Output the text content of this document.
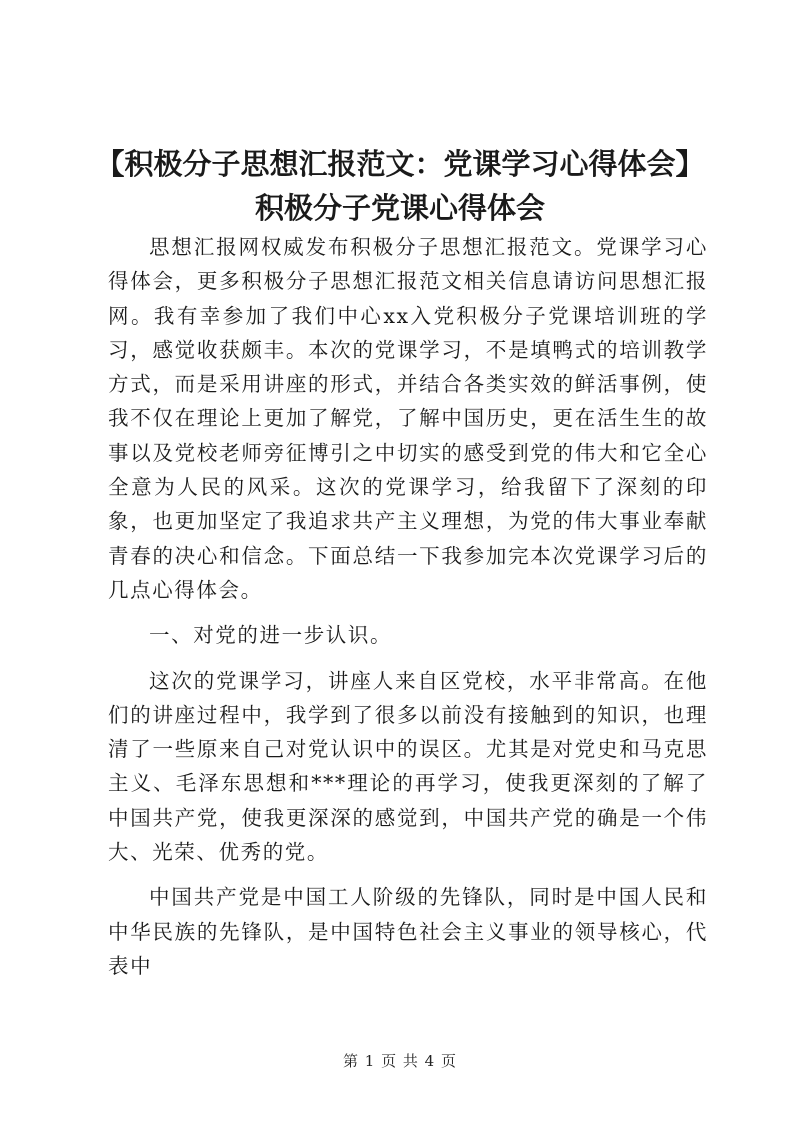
【积极分子思想汇报范文：党课学习心得体会】积极分子党课心得体会

思想汇报网权威发布积极分子思想汇报范文。党课学习心得体会，更多积极分子思想汇报范文相关信息请访问思想汇报网。我有幸参加了我们中心xx入党积极分子党课培训班的学习，感觉收获颇丰。本次的党课学习，不是填鸭式的培训教学方式，而是采用讲座的形式，并结合各类实效的鲜活事例，使我不仅在理论上更加了解党，了解中国历史，更在活生生的故事以及党校老师旁征博引之中切实的感受到党的伟大和它全心全意为人民的风采。这次的党课学习，给我留下了深刻的印象，也更加坚定了我追求共产主义理想，为党的伟大事业奉献青春的决心和信念。下面总结一下我参加完本次党课学习后的几点心得体会。

一、对党的进一步认识。

这次的党课学习，讲座人来自区党校，水平非常高。在他们的讲座过程中，我学到了很多以前没有接触到的知识，也理清了一些原来自己对党认识中的误区。尤其是对党史和马克思主义、毛泽东思想和***理论的再学习，使我更深刻的了解了中国共产党，使我更深深的感觉到，中国共产党的确是一个伟大、光荣、优秀的党。

中国共产党是中国工人阶级的先锋队，同时是中国人民和中华民族的先锋队，是中国特色社会主义事业的领导核心，代表中

第 1 页 共 4 页
